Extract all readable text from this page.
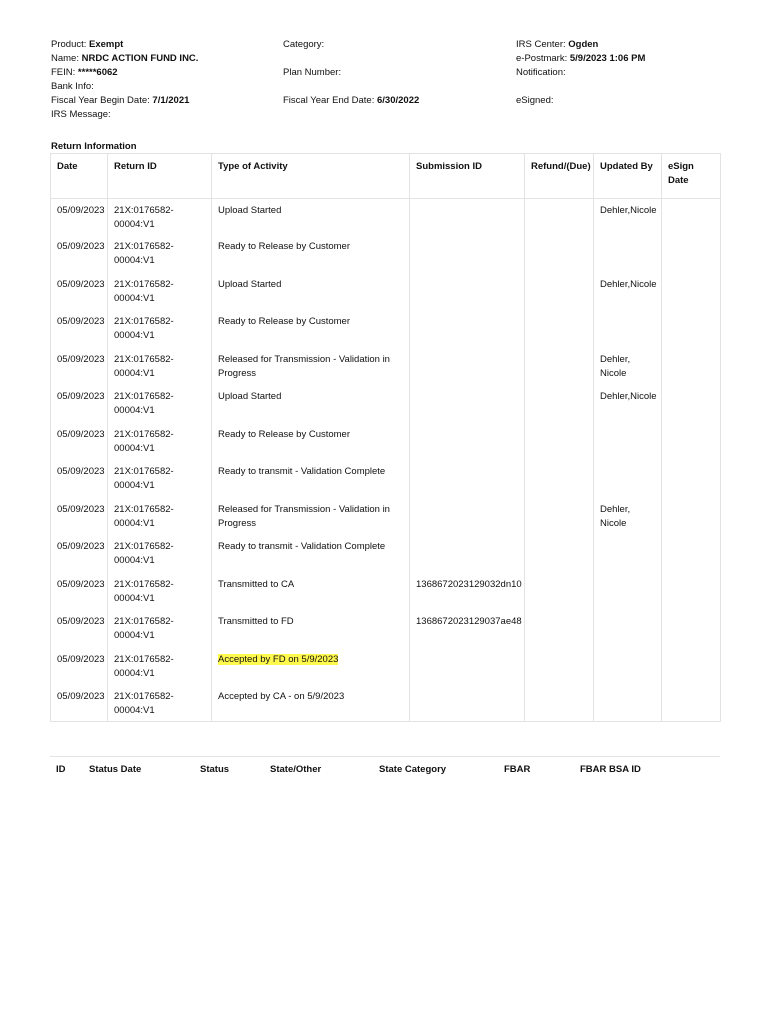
Product: Exempt
Name: NRDC ACTION FUND INC.
FEIN: *****6062
Bank Info:
Fiscal Year Begin Date: 7/1/2021
IRS Message:
Category:
Plan Number:
Fiscal Year End Date: 6/30/2022
IRS Center: Ogden
e-Postmark: 5/9/2023 1:06 PM
Notification:
eSigned:
Return Information
Date	Return ID	Type of Activity	Submission ID	Refund/(Due)	Updated By	eSign Date
05/09/2023	21X:0176582-00004:V1	Upload Started			Dehler,Nicole	
05/09/2023	21X:0176582-00004:V1	Ready to Release by Customer				
05/09/2023	21X:0176582-00004:V1	Upload Started			Dehler,Nicole	
05/09/2023	21X:0176582-00004:V1	Ready to Release by Customer				
05/09/2023	21X:0176582-00004:V1	Released for Transmission - Validation in Progress			Dehler, Nicole	
05/09/2023	21X:0176582-00004:V1	Upload Started			Dehler,Nicole	
05/09/2023	21X:0176582-00004:V1	Ready to Release by Customer				
05/09/2023	21X:0176582-00004:V1	Ready to transmit - Validation Complete				
05/09/2023	21X:0176582-00004:V1	Released for Transmission - Validation in Progress			Dehler, Nicole	
05/09/2023	21X:0176582-00004:V1	Ready to transmit - Validation Complete				
05/09/2023	21X:0176582-00004:V1	Transmitted to CA	1368672023129032dn10			
05/09/2023	21X:0176582-00004:V1	Transmitted to FD	1368672023129037ae48			
05/09/2023	21X:0176582-00004:V1	Accepted by FD on 5/9/2023				
05/09/2023	21X:0176582-00004:V1	Accepted by CA - on 5/9/2023				
ID Status Date	Status	State/Other	State Category	FBAR	FBAR BSA ID
